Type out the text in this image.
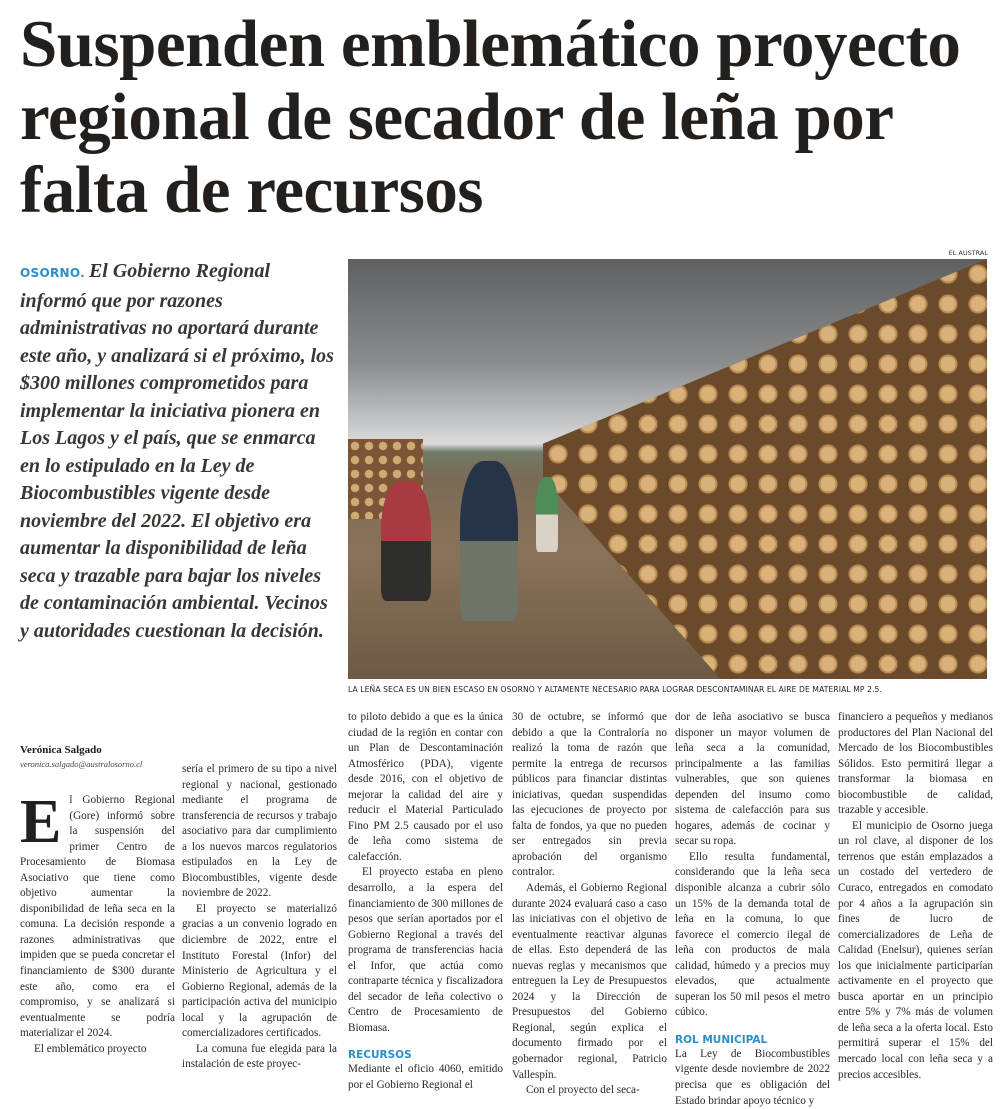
Suspenden emblemático proyecto regional de secador de leña por falta de recursos
OSORNO. El Gobierno Regional informó que por razones administrativas no aportará durante este año, y analizará si el próximo, los $300 millones comprometidos para implementar la iniciativa pionera en Los Lagos y el país, que se enmarca en lo estipulado en la Ley de Biocombustibles vigente desde noviembre del 2022. El objetivo era aumentar la disponibilidad de leña seca y trazable para bajar los niveles de contaminación ambiental. Vecinos y autoridades cuestionan la decisión.
EL AUSTRAL
LA LEÑA SECA ES UN BIEN ESCASO EN OSORNO Y ALTAMENTE NECESARIO PARA LOGRAR DESCONTAMINAR EL AIRE DE MATERIAL MP 2.5.
Verónica Salgado
veronica.salgado@australosorno.cl

El Gobierno Regional (Gore) informó sobre la suspensión del primer Centro de Procesamiento de Biomasa Asociativo que tiene como objetivo aumentar la disponibilidad de leña seca en la comuna. La decisión responde a razones administrativas que impiden que se pueda concretar el financiamiento de $300 durante este año, como era el compromiso, y se analizará si eventualmente se podría materializar el 2024.

El emblemático proyecto

sería el primero de su tipo a nivel regional y nacional, gestionado mediante el programa de transferencia de recursos y trabajo asociativo para dar cumplimiento a los nuevos marcos regulatorios estipulados en la Ley de Biocombustibles, vigente desde noviembre de 2022.

El proyecto se materializó gracias a un convenio logrado en diciembre de 2022, entre el Instituto Forestal (Infor) del Ministerio de Agricultura y el Gobierno Regional, además de la participación activa del municipio local y la agrupación de comercializadores certificados.

La comuna fue elegida para la instalación de este proyec-

to piloto debido a que es la única ciudad de la región en contar con un Plan de Descontaminación Atmosférico (PDA), vigente desde 2016, con el objetivo de mejorar la calidad del aire y reducir el Material Particulado Fino PM 2.5 causado por el uso de leña como sistema de calefacción.

El proyecto estaba en pleno desarrollo, a la espera del financiamiento de 300 millones de pesos que serían aportados por el Gobierno Regional a través del programa de transferencias hacia el Infor, que actúa como contraparte técnica y fiscalizadora del secador de leña colectivo o Centro de Procesamiento de Biomasa.

RECURSOS

Mediante el oficio 4060, emitido por el Gobierno Regional el

30 de octubre, se informó que debido a que la Contraloría no realizó la toma de razón que permite la entrega de recursos públicos para financiar distintas iniciativas, quedan suspendidas las ejecuciones de proyecto por falta de fondos, ya que no pueden ser entregados sin previa aprobación del organismo contralor.

Además, el Gobierno Regional durante 2024 evaluará caso a caso las iniciativas con el objetivo de eventualmente reactivar algunas de ellas. Esto dependerá de las nuevas reglas y mecanismos que entreguen la Ley de Presupuestos 2024 y la Dirección de Presupuestos del Gobierno Regional, según explica el documento firmado por el gobernador regional, Patricio Vallespín.

Con el proyecto del seca-

dor de leña asociativo se busca disponer un mayor volumen de leña seca a la comunidad, principalmente a las familias vulnerables, que son quienes dependen del insumo como sistema de calefacción para sus hogares, además de cocinar y secar su ropa.

Ello resulta fundamental, considerando que la leña seca disponible alcanza a cubrir sólo un 15% de la demanda total de leña en la comuna, lo que favorece el comercio ilegal de leña con productos de mala calidad, húmedo y a precios muy elevados, que actualmente superan los 50 mil pesos el metro cúbico.

ROL MUNICIPAL

La Ley de Biocombustibles vigente desde noviembre de 2022 precisa que es obligación del Estado brindar apoyo técnico y

financiero a pequeños y medianos productores del Plan Nacional del Mercado de los Biocombustibles Sólidos. Esto permitirá llegar a transformar la biomasa en biocombustible de calidad, trazable y accesible.

El municipio de Osorno juega un rol clave, al disponer de los terrenos que están emplazados a un costado del vertedero de Curaco, entregados en comodato por 4 años a la agrupación sin fines de lucro de comercializadores de Leña de Calidad (Enelsur), quienes serían los que inicialmente participarían activamente en el proyecto que busca aportar en un principio entre 5% y 7% más de volumen de leña seca a la oferta local. Esto permitirá superar el 15% del mercado local con leña seca y a precios accesibles.
